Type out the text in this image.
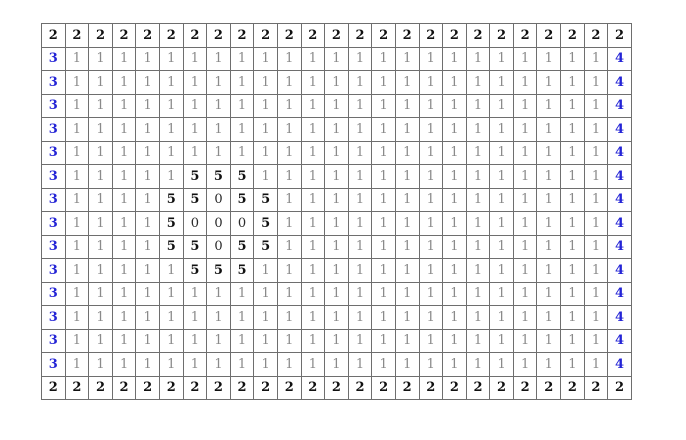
2	2	2	2	2	2	2	2	2	2	2	2	2	2	2	2	2	2	2	2	2	2	2	2	2
3	1	1	1	1	1	1	1	1	1	1	1	1	1	1	1	1	1	1	1	1	1	1	1	4
3	1	1	1	1	1	1	1	1	1	1	1	1	1	1	1	1	1	1	1	1	1	1	1	4
3	1	1	1	1	1	1	1	1	1	1	1	1	1	1	1	1	1	1	1	1	1	1	1	4
3	1	1	1	1	1	1	1	1	1	1	1	1	1	1	1	1	1	1	1	1	1	1	1	4
3	1	1	1	1	1	1	1	1	1	1	1	1	1	1	1	1	1	1	1	1	1	1	1	4
3	1	1	1	1	1	5	5	5	1	1	1	1	1	1	1	1	1	1	1	1	1	1	1	4
3	1	1	1	1	5	5	0	5	5	1	1	1	1	1	1	1	1	1	1	1	1	1	1	4
3	1	1	1	1	5	0	0	0	5	1	1	1	1	1	1	1	1	1	1	1	1	1	1	4
3	1	1	1	1	5	5	0	5	5	1	1	1	1	1	1	1	1	1	1	1	1	1	1	4
3	1	1	1	1	1	5	5	5	1	1	1	1	1	1	1	1	1	1	1	1	1	1	1	4
3	1	1	1	1	1	1	1	1	1	1	1	1	1	1	1	1	1	1	1	1	1	1	1	4
3	1	1	1	1	1	1	1	1	1	1	1	1	1	1	1	1	1	1	1	1	1	1	1	4
3	1	1	1	1	1	1	1	1	1	1	1	1	1	1	1	1	1	1	1	1	1	1	1	4
3	1	1	1	1	1	1	1	1	1	1	1	1	1	1	1	1	1	1	1	1	1	1	1	4
2	2	2	2	2	2	2	2	2	2	2	2	2	2	2	2	2	2	2	2	2	2	2	2	2
